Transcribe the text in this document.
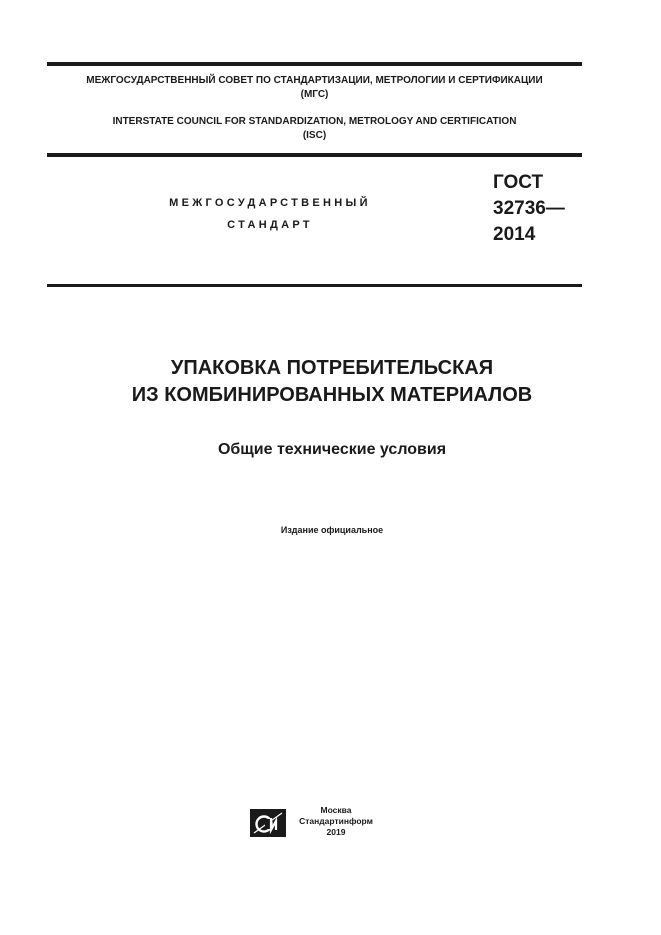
МЕЖГОСУДАРСТВЕННЫЙ СОВЕТ ПО СТАНДАРТИЗАЦИИ, МЕТРОЛОГИИ И СЕРТИФИКАЦИИ
(МГС)
INTERSTATE COUNCIL FOR STANDARDIZATION, METROLOGY AND CERTIFICATION
(ISC)
МЕЖГОСУДАРСТВЕННЫЙ
СТАНДАРТ
ГОСТ
32736—
2014
УПАКОВКА ПОТРЕБИТЕЛЬСКАЯ
ИЗ КОМБИНИРОВАННЫХ МАТЕРИАЛОВ
Общие технические условия
Издание официальное
Москва
Стандартинформ
2019
